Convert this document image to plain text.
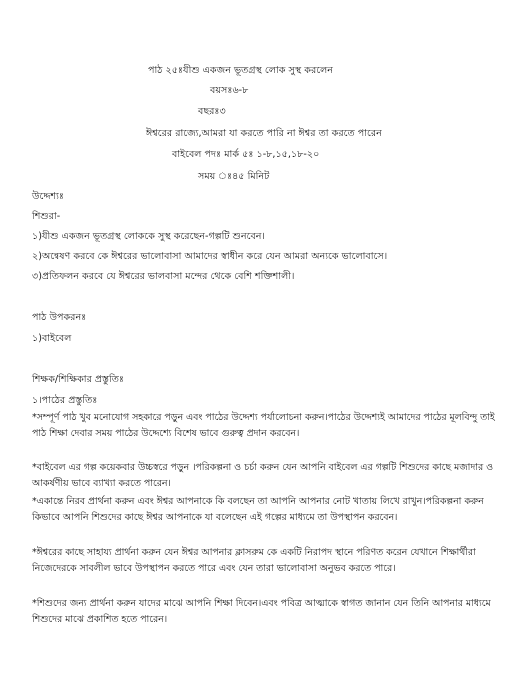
পাঠ ২৫ঃযীশু একজন ভূতগ্রস্থ লোক সুস্থ করলেন
বয়সঃ৬-৮
বছরঃ৩
ঈশ্বরের রাজ্যে,আমরা যা করতে পারি না ঈশ্বর তা করতে পারেন
বাইবেল পদঃ মার্ক ৫ঃ ১-৮,১৫,১৮-২০
সময় ঃ৪৫ মিনিট
উদ্দেশ্যঃ
শিশুরা-
১)যীশু একজন ভূতগ্রস্থ লোককে সুস্থ করেছেন-গল্পটি শুনবেন।
২)অন্বেষণ করবে কে ঈশ্বরের ভালোবাসা আমাদের স্বাধীন করে যেন আমরা অন্যকে ভালোবাসে।
৩)প্রতিফলন করবে যে ঈশ্বরের ভালবাসা মন্দের থেকে বেশি শক্তিশালী।
পাঠ উপকরনঃ
১)বাইবেল
শিক্ষক/শিক্ষিকার প্রস্তুতিঃ
১।পাঠের প্রস্তুতিঃ
*সম্পূর্ণ পাঠ খুব মনোযোগ সহকারে পড়ুন এবং পাঠের উদ্দেশ্য পর্যালোচনা করুন।পাঠের উদ্দেশ্যই আমাদের পাঠের মূলবিন্দু তাই পাঠ শিক্ষা দেবার সময় পাঠের উদ্দেশ্যে বিশেষ ভাবে গুরুত্ব প্রদান করবেন।
*বাইবেল এর গল্প কয়েকবার উচ্চস্বরে পড়ুন ।পরিকল্পনা ও চর্চা করুন যেন আপনি বাইবেল এর গল্পটি শিশুদের কাছে মজাদার ও আকর্ষণীয় ভাবে ব্যাখ্যা করতে পারেন।
*একান্তে নিরব প্রার্থনা করুন এবং ঈশ্বর আপনাকে কি বলছেন তা আপনি আপনার নোট খাতায় লিখে রাখুন।পরিকল্পনা করুন কিভাবে আপনি শিশুদের কাছে ঈশ্বর আপনাকে যা বলেছেন এই গল্পের মাধ্যমে তা উপস্থাপন করবেন।
*ঈশ্বরের কাছে সাহায্য প্রার্থনা করুন যেন ঈশ্বর আপনার ক্লাসরুম কে একটি নিরাপদ স্থানে পরিণত করেন যেখানে শিক্ষার্থীরা নিজেদেরকে সাবলীল ভাবে উপস্থাপন করতে পারে এবং যেন তারা ভালোবাসা অনুভব করতে পারে।
*শিশুদের জন্য প্রার্থনা করুন যাদের মাঝে আপনি শিক্ষা দিবেন।এবং পবিত্র আত্মাকে স্বাগত জানান যেন তিনি আপনার মাধ্যমে শিশুদের মাঝে প্রকাশিত হতে পারেন।
